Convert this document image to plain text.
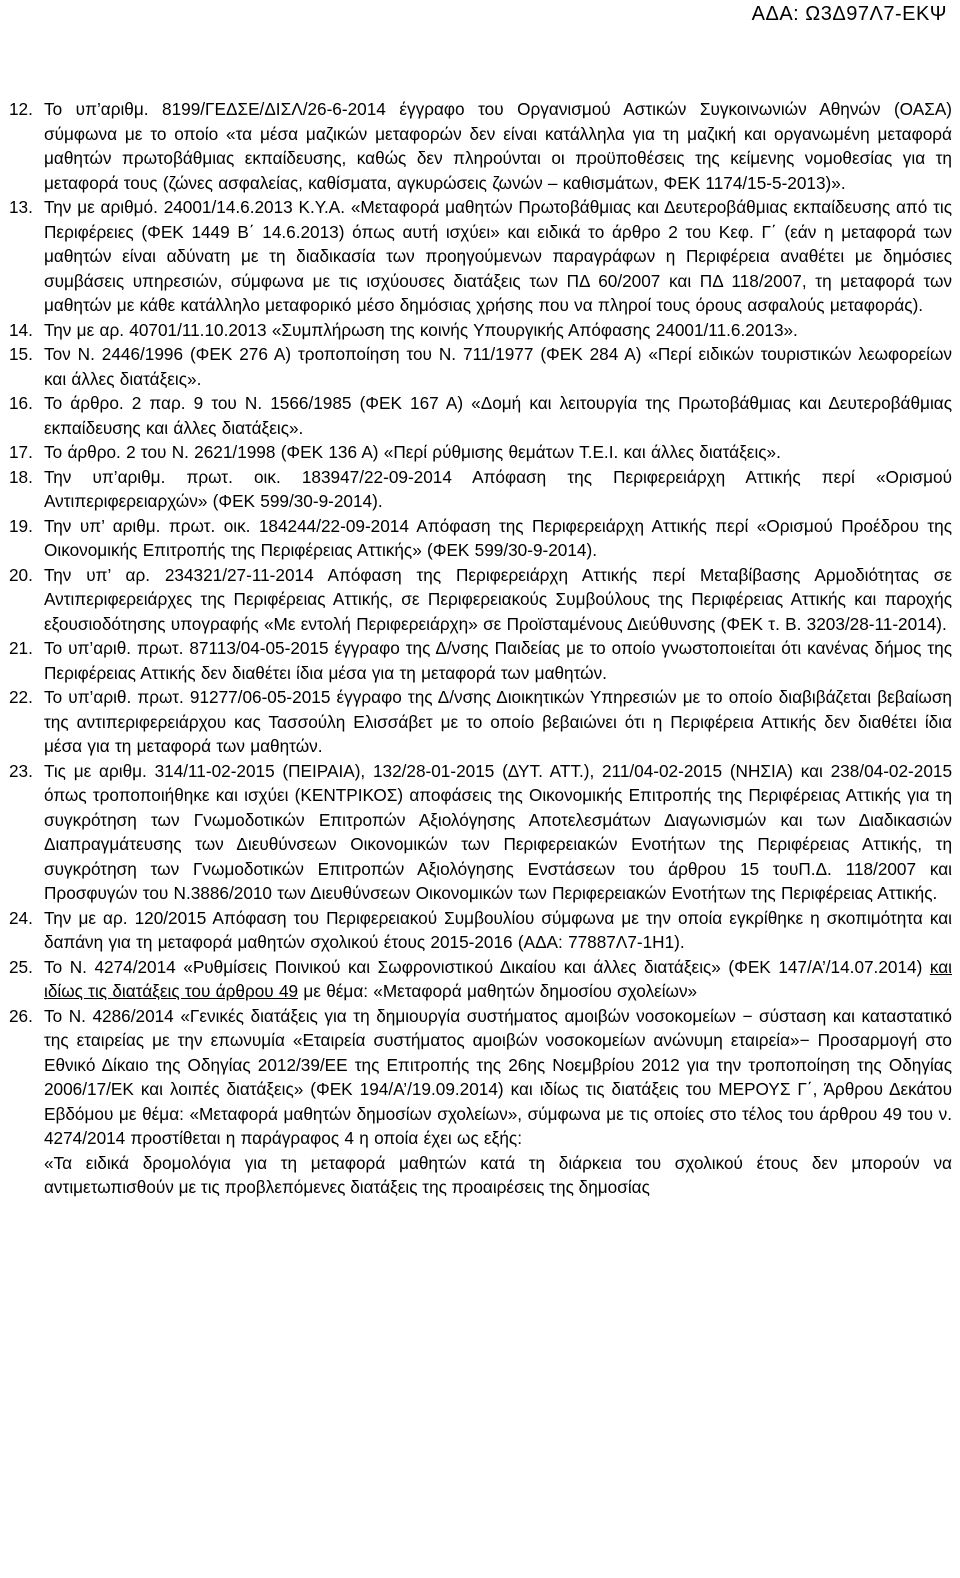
ΑΔΑ: Ω3Δ97Λ7-ΕΚΨ
12. Το υπ’αριθμ. 8199/ΓΕΔΣΕ/ΔΙΣΛ/26-6-2014 έγγραφο του Οργανισμού Αστικών Συγκοινωνιών Αθηνών (ΟΑΣΑ) σύμφωνα με το οποίο «τα μέσα μαζικών μεταφορών δεν είναι κατάλληλα για τη μαζική και οργανωμένη μεταφορά μαθητών πρωτοβάθμιας εκπαίδευσης, καθώς δεν πληρούνται οι προϋποθέσεις της κείμενης νομοθεσίας για τη μεταφορά τους (ζώνες ασφαλείας, καθίσματα, αγκυρώσεις ζωνών – καθισμάτων, ΦΕΚ 1174/15-5-2013)».
13. Την με αριθμό. 24001/14.6.2013 Κ.Υ.Α. «Μεταφορά μαθητών Πρωτοβάθμιας και Δευτεροβάθμιας εκπαίδευσης από τις Περιφέρειες (ΦΕΚ 1449 Β΄ 14.6.2013) όπως αυτή ισχύει» και ειδικά το άρθρο 2 του Κεφ. Γ΄ (εάν η μεταφορά των μαθητών είναι αδύνατη με τη διαδικασία των προηγούμενων παραγράφων η Περιφέρεια αναθέτει με δημόσιες συμβάσεις υπηρεσιών, σύμφωνα με τις ισχύουσες διατάξεις των ΠΔ 60/2007 και ΠΔ 118/2007, τη μεταφορά των μαθητών με κάθε κατάλληλο μεταφορικό μέσο δημόσιας χρήσης που να πληροί τους όρους ασφαλούς μεταφοράς).
14. Την με αρ. 40701/11.10.2013 «Συμπλήρωση της κοινής Υπουργικής Απόφασης 24001/11.6.2013».
15. Τον Ν. 2446/1996 (ΦΕΚ 276 Α) τροποποίηση του Ν. 711/1977 (ΦΕΚ 284 Α) «Περί ειδικών τουριστικών λεωφορείων και άλλες διατάξεις».
16. Το άρθρο. 2 παρ. 9 του Ν. 1566/1985 (ΦΕΚ 167 Α) «Δομή και λειτουργία της Πρωτοβάθμιας και Δευτεροβάθμιας εκπαίδευσης και άλλες διατάξεις».
17. Το άρθρο. 2 του Ν. 2621/1998 (ΦΕΚ 136 Α) «Περί ρύθμισης θεμάτων Τ.Ε.Ι. και άλλες διατάξεις».
18. Την υπ’αριθμ. πρωτ. οικ. 183947/22-09-2014 Απόφαση της Περιφερειάρχη Αττικής περί «Ορισμού Αντιπεριφερειαρχών» (ΦΕΚ 599/30-9-2014).
19. Την υπ’ αριθμ. πρωτ. οικ. 184244/22-09-2014 Απόφαση της Περιφερειάρχη Αττικής περί «Ορισμού Προέδρου της Οικονομικής Επιτροπής της Περιφέρειας Αττικής» (ΦΕΚ 599/30-9-2014).
20. Την υπ’ αρ. 234321/27-11-2014 Απόφαση της Περιφερειάρχη Αττικής περί Μεταβίβασης Αρμοδιότητας σε Αντιπεριφερειάρχες της Περιφέρειας Αττικής, σε Περιφερειακούς Συμβούλους της Περιφέρειας Αττικής και παροχής εξουσιοδότησης υπογραφής «Με εντολή Περιφερειάρχη» σε Προϊσταμένους Διεύθυνσης (ΦΕΚ τ. Β. 3203/28-11-2014).
21. Το υπ’αριθ. πρωτ. 87113/04-05-2015 έγγραφο της Δ/νσης Παιδείας με το οποίο γνωστοποιείται ότι κανένας δήμος της Περιφέρειας Αττικής δεν διαθέτει ίδια μέσα για τη μεταφορά των μαθητών.
22. Το υπ’αριθ. πρωτ. 91277/06-05-2015 έγγραφο της Δ/νσης Διοικητικών Υπηρεσιών με το οποίο διαβιβάζεται βεβαίωση της αντιπεριφερειάρχου κας Τασσούλη Ελισσάβετ με το οποίο βεβαιώνει ότι η Περιφέρεια Αττικής δεν διαθέτει ίδια μέσα για τη μεταφορά των μαθητών.
23. Τις με αριθμ. 314/11-02-2015 (ΠΕΙΡΑΙΑ), 132/28-01-2015 (ΔΥΤ. ΑΤΤ.), 211/04-02-2015 (ΝΗΣΙΑ) και 238/04-02-2015 όπως τροποποιήθηκε και ισχύει (ΚΕΝΤΡΙΚΟΣ) αποφάσεις της Οικονομικής Επιτροπής της Περιφέρειας Αττικής για τη συγκρότηση των Γνωμοδοτικών Επιτροπών Αξιολόγησης Αποτελεσμάτων Διαγωνισμών και των Διαδικασιών Διαπραγμάτευσης των Διευθύνσεων Οικονομικών των Περιφερειακών Ενοτήτων της Περιφέρειας Αττικής, τη συγκρότηση των Γνωμοδοτικών Επιτροπών Αξιολόγησης Ενστάσεων του άρθρου 15 τουΠ.Δ. 118/2007 και Προσφυγών του Ν.3886/2010 των Διευθύνσεων Οικονομικών των Περιφερειακών Ενοτήτων της Περιφέρειας Αττικής.
24. Την με αρ. 120/2015 Απόφαση του Περιφερειακού Συμβουλίου σύμφωνα με την οποία εγκρίθηκε η σκοπιμότητα και δαπάνη για τη μεταφορά μαθητών σχολικού έτους 2015-2016 (ΑΔΑ: 77887Λ7-1Η1).
25. Το Ν. 4274/2014 «Ρυθμίσεις Ποινικού και Σωφρονιστικού Δικαίου και άλλες διατάξεις» (ΦΕΚ 147/Α’/14.07.2014) και ιδίως τις διατάξεις του άρθρου 49 με θέμα: «Μεταφορά μαθητών δημοσίου σχολείων»
26. Το Ν. 4286/2014 «Γενικές διατάξεις για τη δημιουργία συστήματος αμοιβών νοσοκομείων − σύσταση και καταστατικό της εταιρείας με την επωνυμία «Εταιρεία συστήματος αμοιβών νοσοκομείων ανώνυμη εταιρεία»− Προσαρμογή στο Εθνικό Δίκαιο της Οδηγίας 2012/39/ΕΕ της Επιτροπής της 26ης Νοεμβρίου 2012 για την τροποποίηση της Οδηγίας 2006/17/ΕΚ και λοιπές διατάξεις» (ΦΕΚ 194/Α’/19.09.2014) και ιδίως τις διατάξεις του ΜΕΡΟΥΣ Γ΄, Άρθρου Δεκάτου Εβδόμου με θέμα: «Μεταφορά μαθητών δημοσίων σχολείων», σύμφωνα με τις οποίες στο τέλος του άρθρου 49 του ν. 4274/2014 προστίθεται η παράγραφος 4 η οποία έχει ως εξής:
«Τα ειδικά δρομολόγια για τη μεταφορά μαθητών κατά τη διάρκεια του σχολικού έτους δεν μπορούν να αντιμετωπισθούν με τις προβλεπόμενες διατάξεις της προαιρέσεις της δημοσίας
